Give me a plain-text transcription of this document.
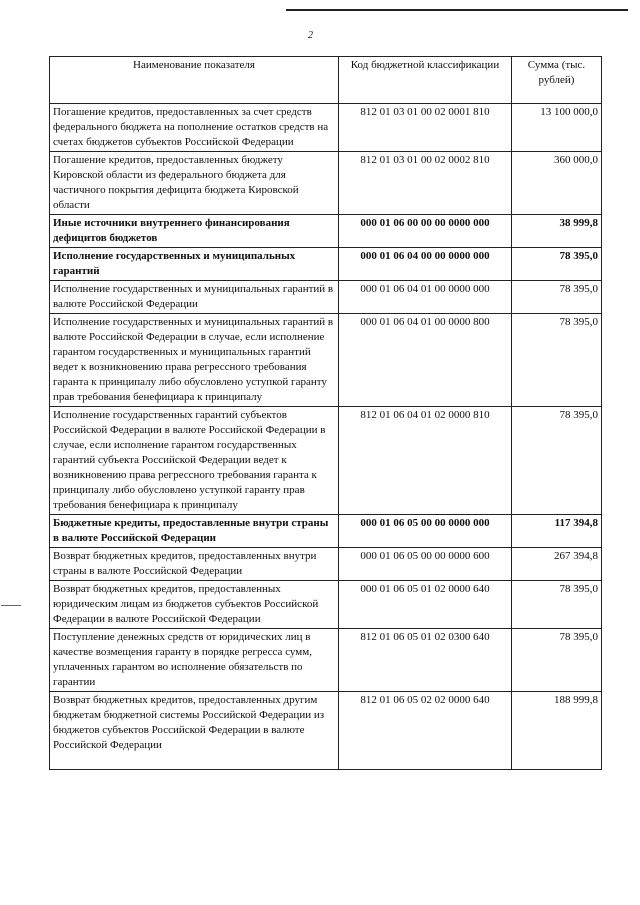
2
Наименование показателя	Код бюджетной классификации	Сумма (тыс. рублей)
Погашение кредитов, предоставленных за счет средств федерального бюджета на пополнение остатков средств на счетах бюджетов субъектов Российской Федерации	812 01 03 01 00 02 0001 810	13 100 000,0
Погашение кредитов, предоставленных бюджету Кировской области из федерального бюджета для частичного покрытия дефицита бюджета Кировской области	812 01 03 01 00 02 0002 810	360 000,0
Иные источники внутреннего финансирования дефицитов бюджетов	000 01 06 00 00 00 0000 000	38 999,8
Исполнение государственных и муниципальных гарантий	000 01 06 04 00 00 0000 000	78 395,0
Исполнение государственных и муниципальных гарантий в валюте Российской Федерации	000 01 06 04 01 00 0000 000	78 395,0
Исполнение государственных и муниципальных гарантий в валюте Российской Федерации в случае, если исполнение гарантом государственных и муниципальных гарантий ведет к возникновению права регрессного требования гаранта к принципалу либо обусловлено уступкой гаранту прав требования бенефициара к принципалу	000 01 06 04 01 00 0000 800	78 395,0
Исполнение государственных гарантий субъектов Российской Федерации в валюте Российской Федерации в случае, если исполнение гарантом государственных гарантий субъекта Российской Федерации ведет к возникновению права регрессного требования гаранта к принципалу либо обусловлено уступкой гаранту прав требования бенефициара к принципалу	812 01 06 04 01 02 0000 810	78 395,0
Бюджетные кредиты, предоставленные внутри страны в валюте Российской Федерации	000 01 06 05 00 00 0000 000	117 394,8
Возврат бюджетных кредитов, предоставленных внутри страны в валюте Российской Федерации	000 01 06 05 00 00 0000 600	267 394,8
Возврат бюджетных кредитов, предоставленных юридическим лицам из бюджетов субъектов Российской Федерации в валюте Российской Федерации	000 01 06 05 01 02 0000 640	78 395,0
Поступление денежных средств от юридических лиц в качестве возмещения гаранту в порядке регресса сумм, уплаченных гарантом во исполнение обязательств по гарантии	812 01 06 05 01 02 0300 640	78 395,0
Возврат бюджетных кредитов, предоставленных другим бюджетам бюджетной системы Российской Федерации из бюджетов субъектов Российской Федерации в валюте Российской Федерации	812 01 06 05 02 02 0000 640	188 999,8
